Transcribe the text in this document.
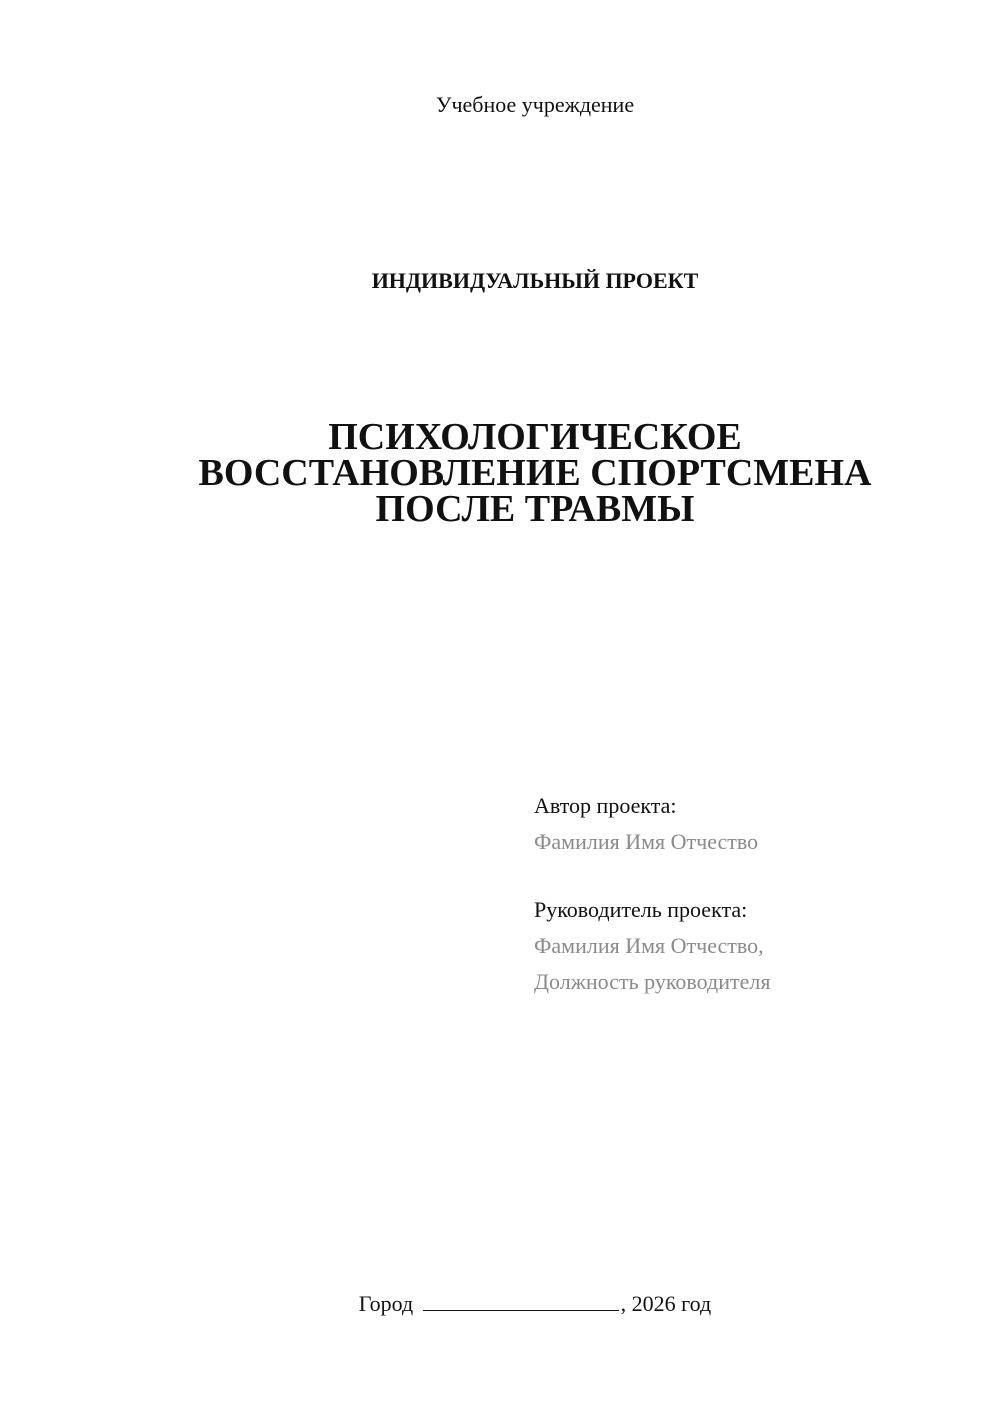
Учебное учреждение
ИНДИВИДУАЛЬНЫЙ ПРОЕКТ
ПСИХОЛОГИЧЕСКОЕ
ВОССТАНОВЛЕНИЕ СПОРТСМЕНА
ПОСЛЕ ТРАВМЫ
Автор проекта:
Фамилия Имя Отчество
Руководитель проекта:
Фамилия Имя Отчество,
Должность руководителя
Город	, 2026 год
